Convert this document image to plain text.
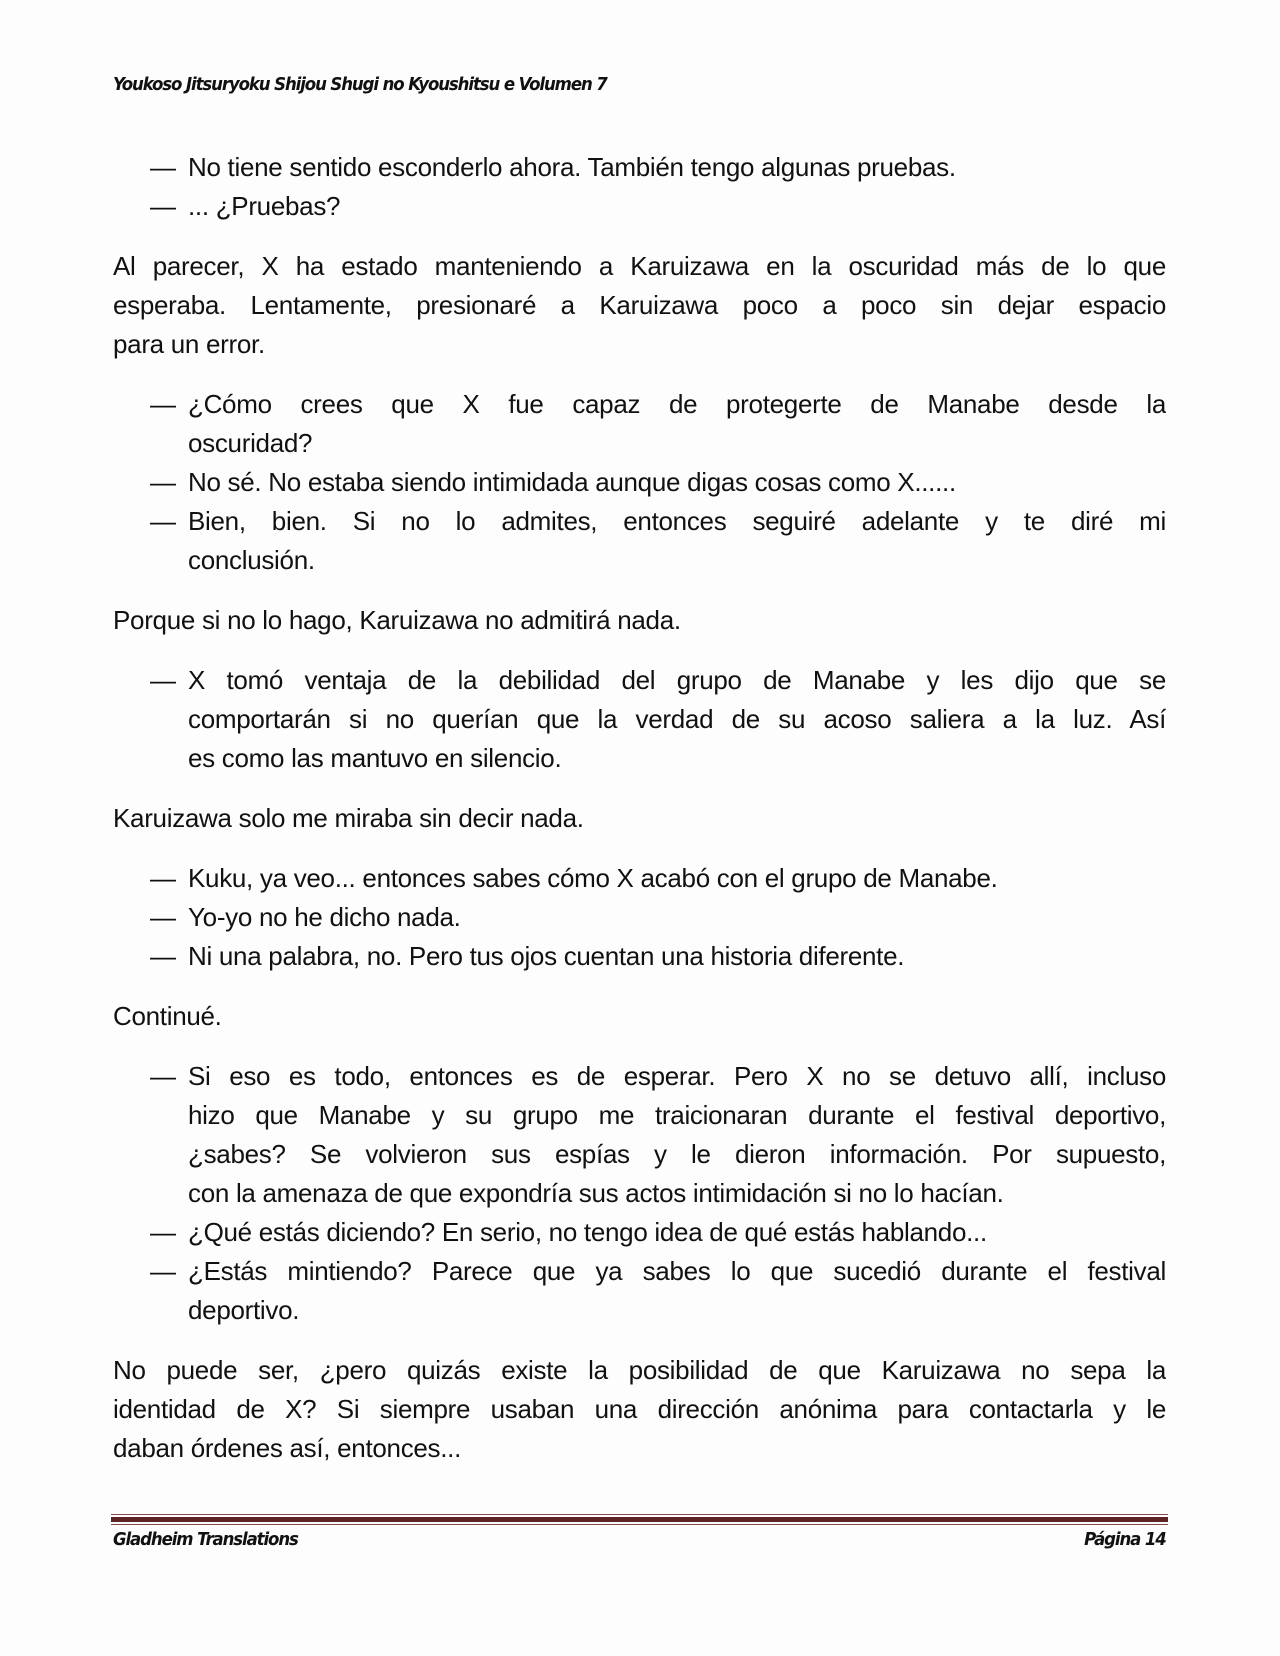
Youkoso Jitsuryoku Shijou Shugi no Kyoushitsu e Volumen 7
— No tiene sentido esconderlo ahora. También tengo algunas pruebas.
— ... ¿Pruebas?
Al parecer, X ha estado manteniendo a Karuizawa en la oscuridad más de lo que
esperaba. Lentamente, presionaré a Karuizawa poco a poco sin dejar espacio
para un error.
— ¿Cómo crees que X fue capaz de protegerte de Manabe desde la
oscuridad?
— No sé. No estaba siendo intimidada aunque digas cosas como X......
— Bien, bien. Si no lo admites, entonces seguiré adelante y te diré mi
conclusión.
Porque si no lo hago, Karuizawa no admitirá nada.
— X tomó ventaja de la debilidad del grupo de Manabe y les dijo que se
comportarán si no querían que la verdad de su acoso saliera a la luz. Así
es como las mantuvo en silencio.
Karuizawa solo me miraba sin decir nada.
— Kuku, ya veo... entonces sabes cómo X acabó con el grupo de Manabe.
— Yo-yo no he dicho nada.
— Ni una palabra, no. Pero tus ojos cuentan una historia diferente.
Continué.
— Si eso es todo, entonces es de esperar. Pero X no se detuvo allí, incluso
hizo que Manabe y su grupo me traicionaran durante el festival deportivo,
¿sabes? Se volvieron sus espías y le dieron información. Por supuesto,
con la amenaza de que expondría sus actos intimidación si no lo hacían.
— ¿Qué estás diciendo? En serio, no tengo idea de qué estás hablando...
— ¿Estás mintiendo? Parece que ya sabes lo que sucedió durante el festival
deportivo.
No puede ser, ¿pero quizás existe la posibilidad de que Karuizawa no sepa la
identidad de X? Si siempre usaban una dirección anónima para contactarla y le
daban órdenes así, entonces...
Gladheim Translations	Página 14
